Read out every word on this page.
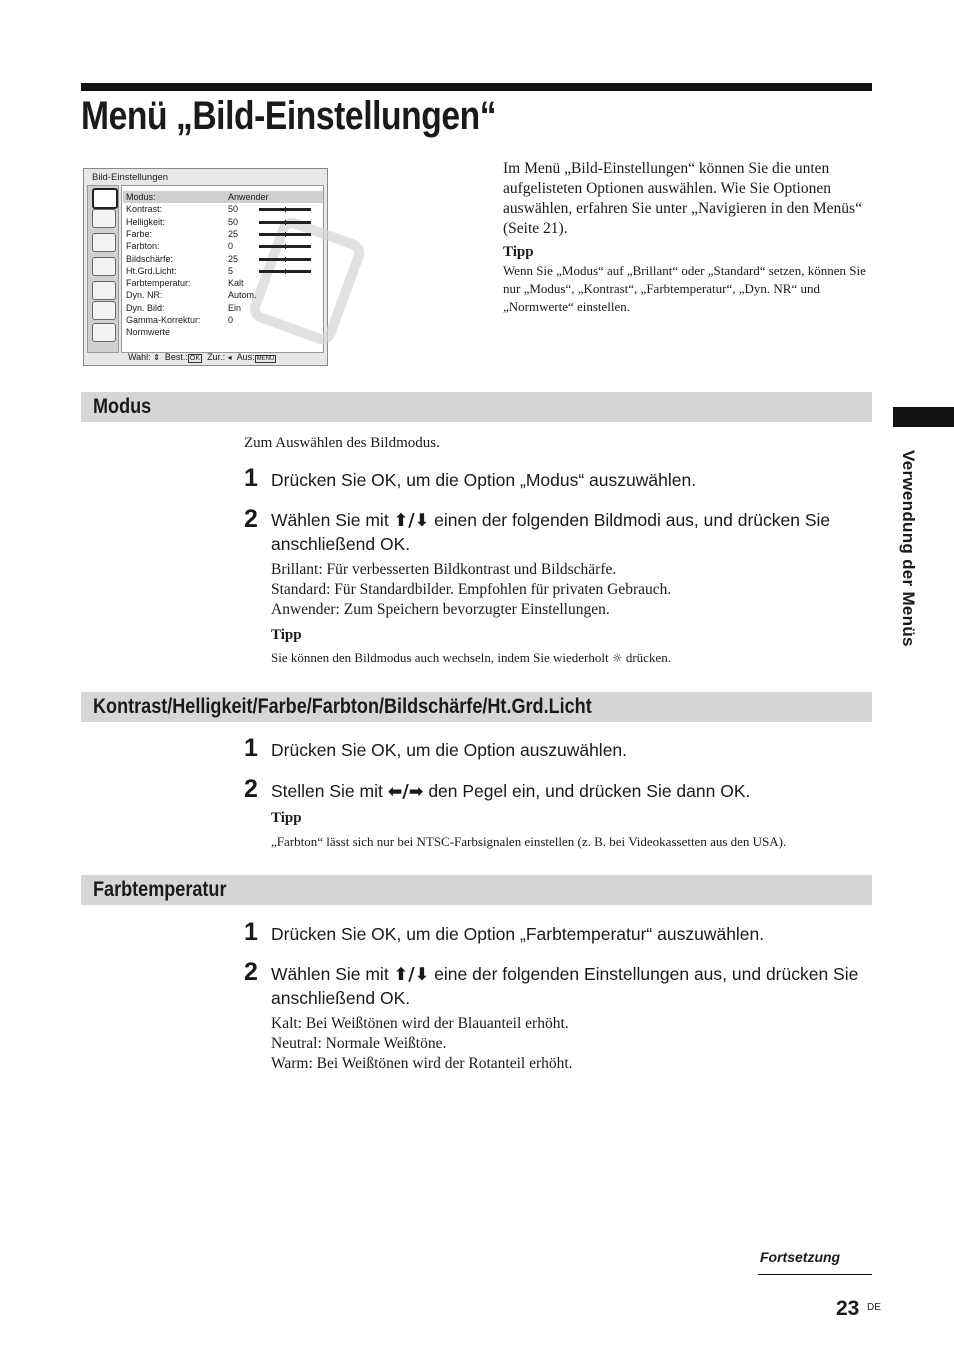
Menü „Bild-Einstellungen“
Verwendung der Menüs
Bild-Einstellungen
Modus:	Anwender
Kontrast:	50
Helligkeit:	50
Farbe:	25
Farbton:	0
Bildschärfe:	25
Ht.Grd.Licht:	5
Farbtemperatur:	Kalt
Dyn. NR:	Autom.
Dyn. Bild:	Ein
Gamma-Korrektur:	0
Normwerte
Wahl: ⇕ Best.: OK Zur.: ◂ Aus: MENU
Im Menü „Bild-Einstellungen“ können Sie die unten aufgelisteten Optionen auswählen. Wie Sie Optionen auswählen, erfahren Sie unter „Navigieren in den Menüs“ (Seite 21).
Tipp
Wenn Sie „Modus“ auf „Brillant“ oder „Standard“ setzen, können Sie nur „Modus“, „Kontrast“, „Farbtemperatur“, „Dyn. NR“ und „Normwerte“ einstellen.
Modus
Zum Auswählen des Bildmodus.
1 Drücken Sie OK, um die Option „Modus“ auszuwählen.
2 Wählen Sie mit ⬆/⬇ einen der folgenden Bildmodi aus, und drücken Sie anschließend OK.
Brillant: Für verbesserten Bildkontrast und Bildschärfe.
Standard: Für Standardbilder. Empfohlen für privaten Gebrauch.
Anwender: Zum Speichern bevorzugter Einstellungen.
Tipp
Sie können den Bildmodus auch wechseln, indem Sie wiederholt ☼ drücken.
Kontrast/Helligkeit/Farbe/Farbton/Bildschärfe/Ht.Grd.Licht
1 Drücken Sie OK, um die Option auszuwählen.
2 Stellen Sie mit ⬅/➡ den Pegel ein, und drücken Sie dann OK.
Tipp
„Farbton“ lässt sich nur bei NTSC-Farbsignalen einstellen (z. B. bei Videokassetten aus den USA).
Farbtemperatur
1 Drücken Sie OK, um die Option „Farbtemperatur“ auszuwählen.
2 Wählen Sie mit ⬆/⬇ eine der folgenden Einstellungen aus, und drücken Sie anschließend OK.
Kalt: Bei Weißtönen wird der Blauanteil erhöht.
Neutral: Normale Weißtöne.
Warm: Bei Weißtönen wird der Rotanteil erhöht.
Fortsetzung
23 DE
